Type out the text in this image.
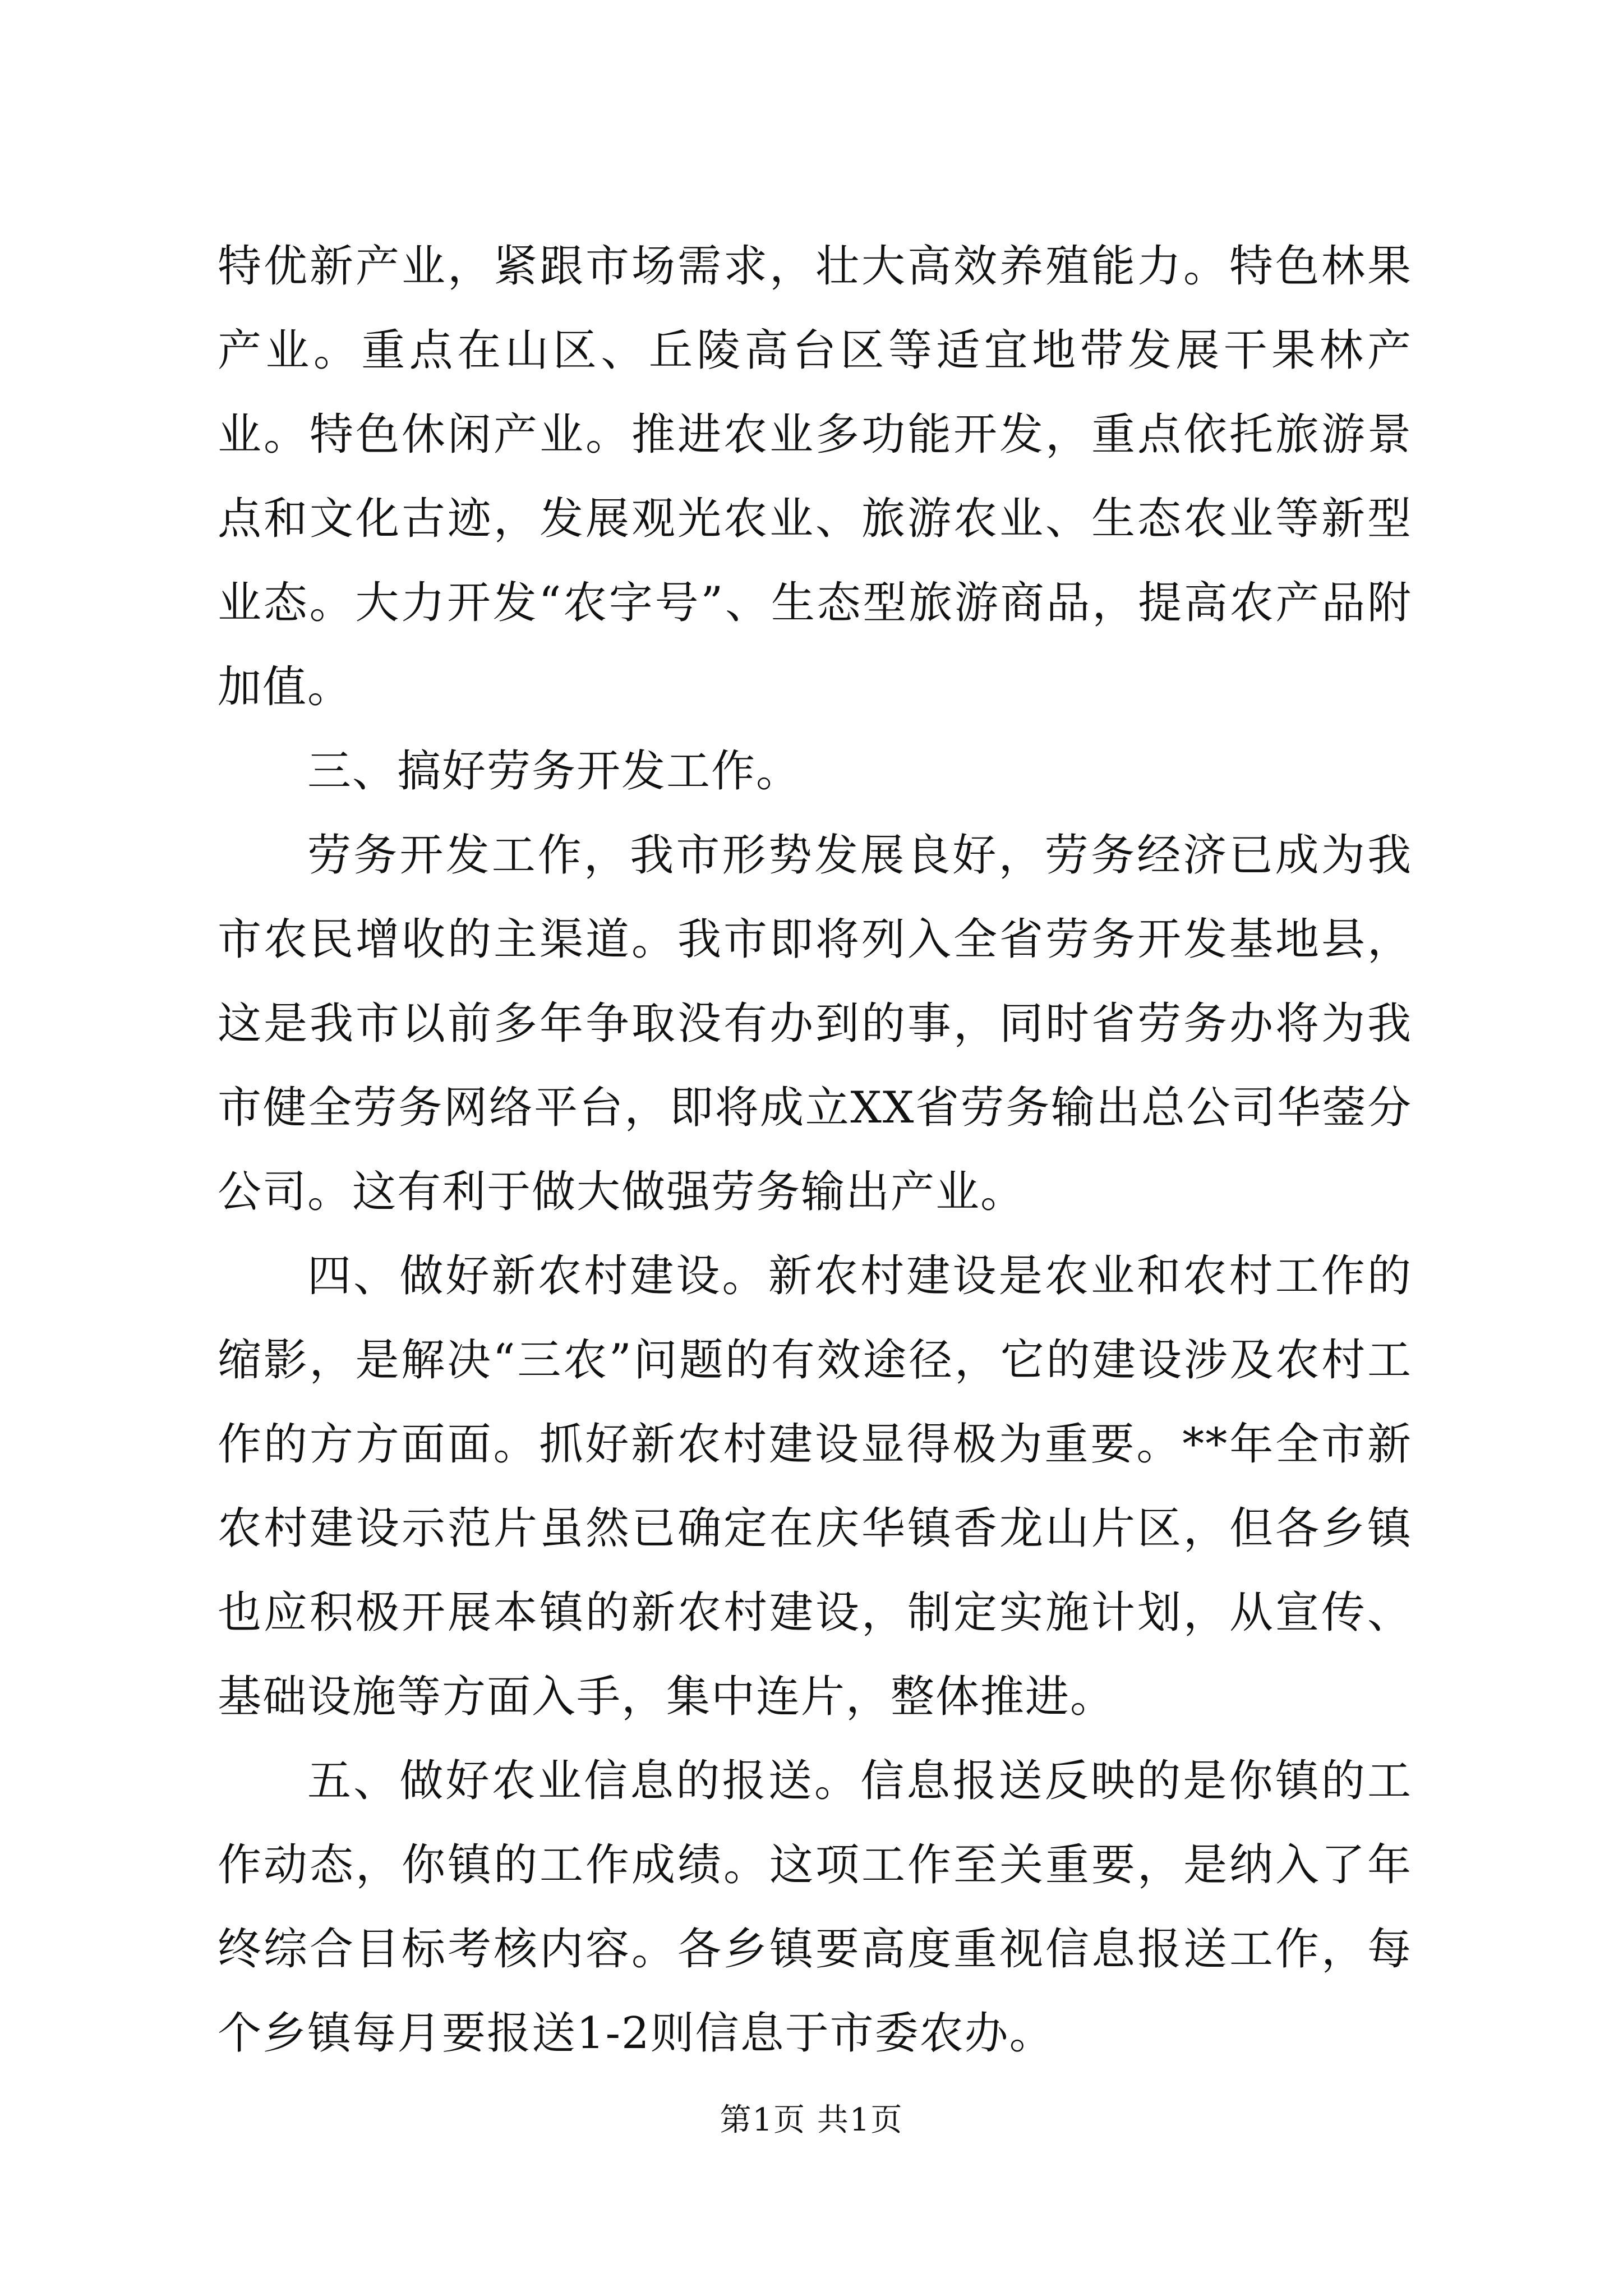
特优新产业，紧跟市场需求，壮大高效养殖能力。特色林果产业。重点在山区、丘陵高台区等适宜地带发展干果林产业。特色休闲产业。推进农业多功能开发，重点依托旅游景点和文化古迹，发展观光农业、旅游农业、生态农业等新型业态。大力开发“农字号”、生态型旅游商品，提高农产品附加值。

三、搞好劳务开发工作。

劳务开发工作，我市形势发展良好，劳务经济已成为我市农民增收的主渠道。我市即将列入全省劳务开发基地县，这是我市以前多年争取没有办到的事，同时省劳务办将为我市健全劳务网络平台，即将成立XX省劳务输出总公司华蓥分公司。这有利于做大做强劳务输出产业。

四、做好新农村建设。新农村建设是农业和农村工作的缩影，是解决“三农”问题的有效途径，它的建设涉及农村工作的方方面面。抓好新农村建设显得极为重要。**年全市新农村建设示范片虽然已确定在庆华镇香龙山片区，但各乡镇也应积极开展本镇的新农村建设，制定实施计划，从宣传、基础设施等方面入手，集中连片，整体推进。

五、做好农业信息的报送。信息报送反映的是你镇的工作动态，你镇的工作成绩。这项工作至关重要，是纳入了年终综合目标考核内容。各乡镇要高度重视信息报送工作，每个乡镇每月要报送1-2则信息于市委农办。

第1页 共1页
